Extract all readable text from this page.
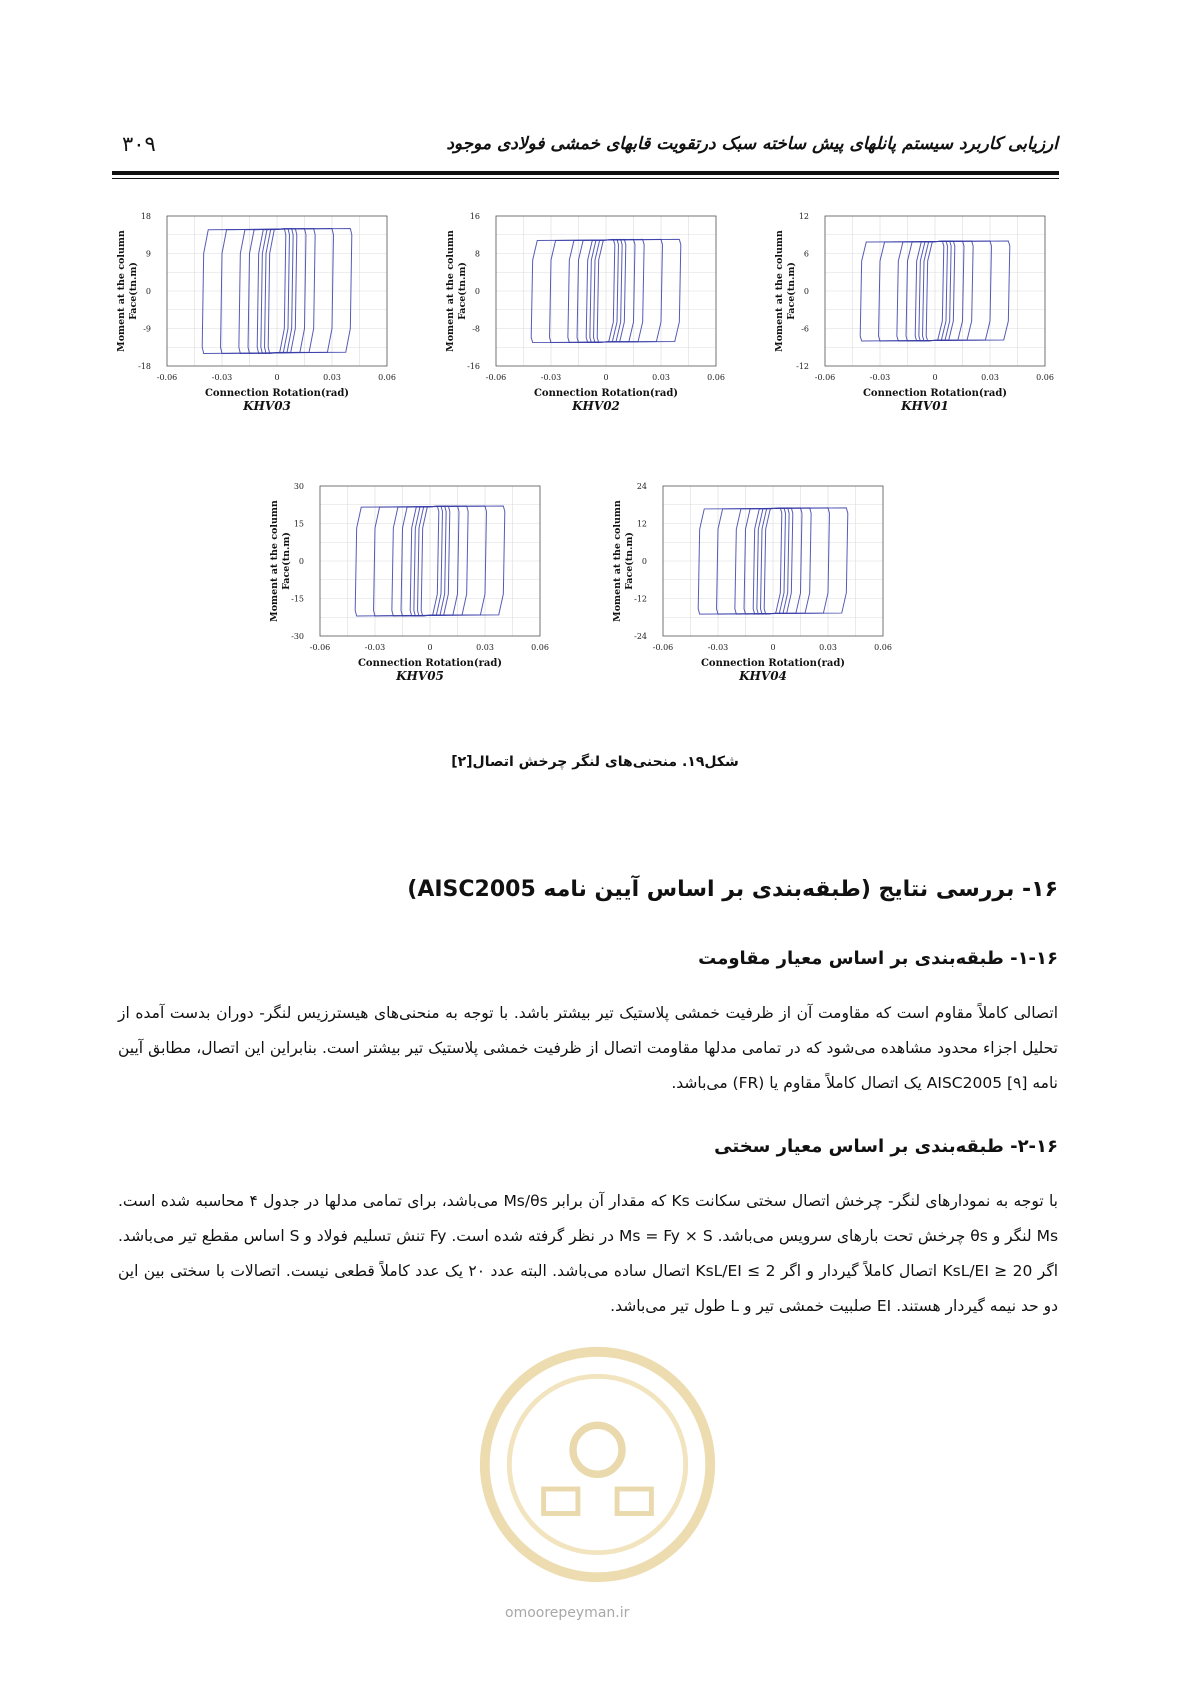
۳۰۹	ارزیابی کاربرد سیستم پانلهای پیش ساخته سبک درتقویت قابهای خمشی فولادی موجود
18
9
0
-9
-18
-0.06	-0.03	0	0.03	0.06
Connection Rotation(rad)
Moment at the column Face(tn.m)
KHV03
16
8
0
-8
-16
-0.06	-0.03	0	0.03	0.06
Connection Rotation(rad)
Moment at the column Face(tn.m)
KHV02
12
6
0
-6
-12
-0.06	-0.03	0	0.03	0.06
Connection Rotation(rad)
Moment at the column Face(tn.m)
KHV01
30
15
0
-15
-30
-0.06	-0.03	0	0.03	0.06
Connection Rotation(rad)
Moment at the column Face(tn.m)
KHV05
24
12
0
-12
-24
-0.06	-0.03	0	0.03	0.06
Connection Rotation(rad)
Moment at the column Face(tn.m)
KHV04
شکل۱۹. منحنی‌های لنگر چرخش اتصال[۲]
۱۶- بررسی نتایج (طبقه‌بندی بر اساس آیین نامه AISC2005)
۱-۱۶- طبقه‌بندی بر اساس معیار مقاومت
اتصالی کاملاً مقاوم است که مقاومت آن از ظرفیت خمشی پلاستیک تیر بیشتر باشد. با توجه به منحنی‌های هیسترزیس لنگر- دوران بدست آمده از تحلیل اجزاء محدود مشاهده می‌شود که در تمامی مدلها مقاومت اتصال از ظرفیت خمشی پلاستیک تیر بیشتر است. بنابراین این اتصال، مطابق آیین نامه AISC2005 [۹] یک اتصال کاملاً مقاوم یا (FR) می‌باشد.
۲-۱۶- طبقه‌بندی بر اساس معیار سختی
با توجه به نمودارهای لنگر- چرخش اتصال سختی سکانت Ks که مقدار آن برابر Ms/θs می‌باشد، برای تمامی مدلها در جدول ۴ محاسبه شده است. Ms لنگر و θs چرخش تحت بارهای سرویس می‌باشد. Ms = Fy × S در نظر گرفته شده است. Fy تنش تسلیم فولاد و S اساس مقطع تیر می‌باشد. اگر KsL/EI ≥ 20 اتصال کاملاً گیردار و اگر KsL/EI ≤ 2 اتصال ساده می‌باشد. البته عدد ۲۰ یک عدد کاملاً قطعی نیست. اتصالات با سختی بین این دو حد نیمه گیردار هستند. EI صلبیت خمشی تیر و L طول تیر می‌باشد.
omoorepeyman.ir
